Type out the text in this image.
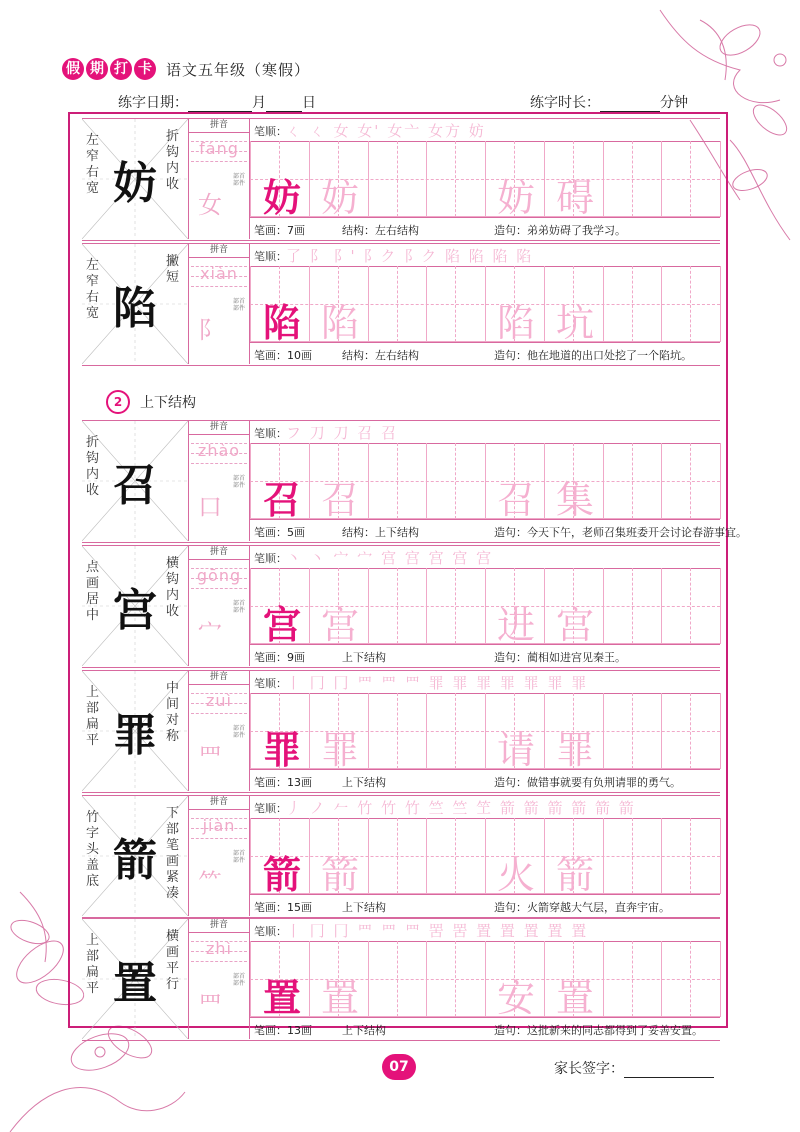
假 期 打 卡 语文五年级（寒假）
练字日期：	月	日	练字时长：	分钟
2	上下结构
左窄右宽 妨
折钩内收
拼音
fáng
女
部首部件
笔顺： ㄑ ㄑ 女 女' 女亠 女方 妨
妨 妨	妨 碍
笔画：7画	结构：左右结构	造句：弟弟妨碍了我学习。
左窄右宽 陷
撇短
拼音
xiàn
阝
部首部件
笔顺： 了 阝 阝' 阝ク 阝ク 陷 陷 陷 陷
陷 陷	陷 坑
笔画：10画	结构：左右结构	造句：他在地道的出口处挖了一个陷坑。
折钩内收 召
拼音
zhào
口
部首部件
笔顺： フ 刀 刀 召 召
召 召	召 集
笔画：5画	结构：上下结构	造句：今天下午，老师召集班委开会讨论春游事宜。
点画居中 宫
横钩内收
拼音
gōng
宀
部首部件
笔顺： 丶 丶 宀 宀 宫 宫 宫 宫 宫
宫 宫	进 宫
笔画：9画	上下结构	造句：蔺相如进宫见秦王。
上部扁平 罪
中间对称
拼音
zuì
罒
部首部件
笔顺： 丨 冂 冂 罒 罒 罒 罪 罪 罪 罪 罪 罪 罪
罪 罪	请 罪
笔画：13画	上下结构	造句：做错事就要有负荆请罪的勇气。
竹字头盖底 箭
下部笔画紧凑
拼音
jiàn
⺮
部首部件
笔顺： 丿 ノ 𠂉 竹 竹 竹 竺 竺 笁 箭 箭 箭 箭 箭 箭
箭 箭	火 箭
笔画：15画	上下结构	造句：火箭穿越大气层，直奔宇宙。
上部扁平 置
横画平行
拼音
zhì
罒
部首部件
笔顺： 丨 冂 冂 罒 罒 罒 罟 罟 置 置 置 置 置
置 置	安 置
笔画：13画	上下结构	造句：这批新来的同志都得到了妥善安置。
07	家长签字：
